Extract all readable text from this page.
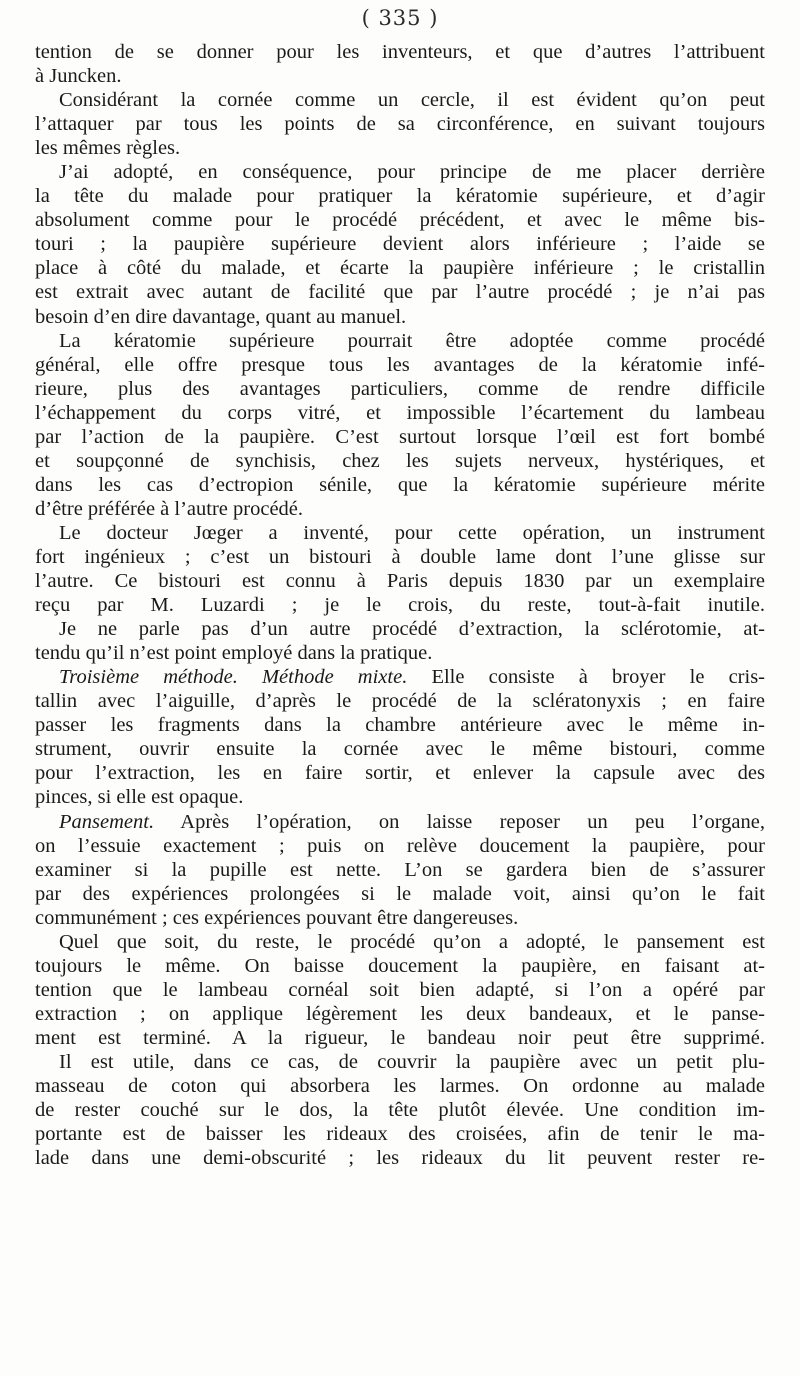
( 335 )
tention de se donner pour les inventeurs, et que d’autres l’attribuent
à Juncken.
Considérant la cornée comme un cercle, il est évident qu’on peut
l’attaquer par tous les points de sa circonférence, en suivant toujours
les mêmes règles.
J’ai adopté, en conséquence, pour principe de me placer derrière
la tête du malade pour pratiquer la kératomie supérieure, et d’agir
absolument comme pour le procédé précédent, et avec le même bis-
touri ; la paupière supérieure devient alors inférieure ; l’aide se
place à côté du malade, et écarte la paupière inférieure ; le cristallin
est extrait avec autant de facilité que par l’autre procédé ; je n’ai pas
besoin d’en dire davantage, quant au manuel.
La kératomie supérieure pourrait être adoptée comme procédé
général, elle offre presque tous les avantages de la kératomie infé-
rieure, plus des avantages particuliers, comme de rendre difficile
l’échappement du corps vitré, et impossible l’écartement du lambeau
par l’action de la paupière. C’est surtout lorsque l’œil est fort bombé
et soupçonné de synchisis, chez les sujets nerveux, hystériques, et
dans les cas d’ectropion sénile, que la kératomie supérieure mérite
d’être préférée à l’autre procédé.
Le docteur Jœger a inventé, pour cette opération, un instrument
fort ingénieux ; c’est un bistouri à double lame dont l’une glisse sur
l’autre. Ce bistouri est connu à Paris depuis 1830 par un exemplaire
reçu par M. Luzardi ; je le crois, du reste, tout-à-fait inutile.
Je ne parle pas d’un autre procédé d’extraction, la sclérotomie, at-
tendu qu’il n’est point employé dans la pratique.
Troisième méthode. Méthode mixte. Elle consiste à broyer le cris-
tallin avec l’aiguille, d’après le procédé de la sclératonyxis ; en faire
passer les fragments dans la chambre antérieure avec le même in-
strument, ouvrir ensuite la cornée avec le même bistouri, comme
pour l’extraction, les en faire sortir, et enlever la capsule avec des
pinces, si elle est opaque.
Pansement. Après l’opération, on laisse reposer un peu l’organe,
on l’essuie exactement ; puis on relève doucement la paupière, pour
examiner si la pupille est nette. L’on se gardera bien de s’assurer
par des expériences prolongées si le malade voit, ainsi qu’on le fait
communément ; ces expériences pouvant être dangereuses.
Quel que soit, du reste, le procédé qu’on a adopté, le pansement est
toujours le même. On baisse doucement la paupière, en faisant at-
tention que le lambeau cornéal soit bien adapté, si l’on a opéré par
extraction ; on applique légèrement les deux bandeaux, et le panse-
ment est terminé. A la rigueur, le bandeau noir peut être supprimé.
Il est utile, dans ce cas, de couvrir la paupière avec un petit plu-
masseau de coton qui absorbera les larmes. On ordonne au malade
de rester couché sur le dos, la tête plutôt élevée. Une condition im-
portante est de baisser les rideaux des croisées, afin de tenir le ma-
lade dans une demi-obscurité ; les rideaux du lit peuvent rester re-
